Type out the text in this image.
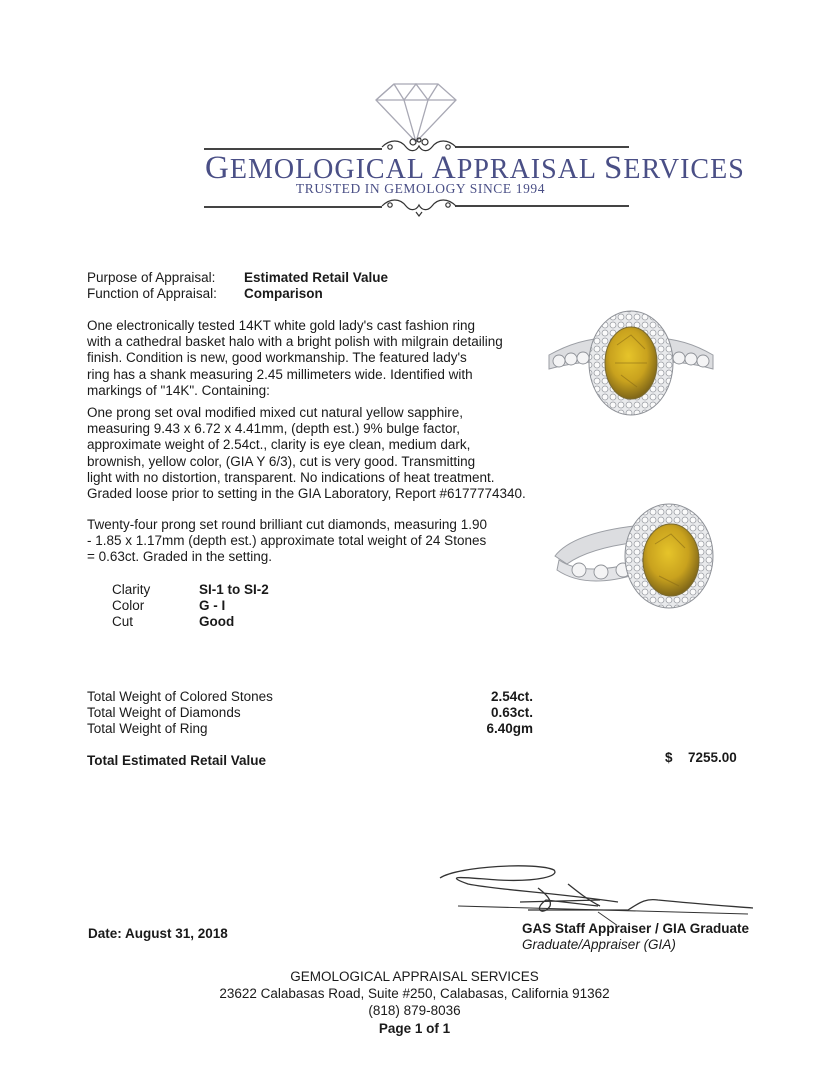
GEMOLOGICAL APPRAISAL SERVICES
TRUSTED IN GEMOLOGY SINCE 1994
Purpose of Appraisal: Estimated Retail Value
Function of Appraisal: Comparison
One electronically tested 14KT white gold lady's cast fashion ring
with a cathedral basket halo with a bright polish with milgrain detailing
finish. Condition is new, good workmanship. The featured lady's
ring has a shank measuring 2.45 millimeters wide. Identified with
markings of "14K". Containing:
One prong set oval modified mixed cut natural yellow sapphire,
measuring 9.43 x 6.72 x 4.41mm, (depth est.) 9% bulge factor,
approximate weight of 2.54ct., clarity is eye clean, medium dark,
brownish, yellow color, (GIA Y 6/3), cut is very good. Transmitting
light with no distortion, transparent. No indications of heat treatment.
Graded loose prior to setting in the GIA Laboratory, Report #6177774340.
Twenty-four prong set round brilliant cut diamonds, measuring 1.90
- 1.85 x 1.17mm (depth est.) approximate total weight of 24 Stones
= 0.63ct. Graded in the setting.
Clarity	SI-1 to SI-2
Color	G - I
Cut	Good
Total Weight of Colored Stones	2.54ct.
Total Weight of Diamonds	0.63ct.
Total Weight of Ring	6.40gm
Total Estimated Retail Value	$ 7255.00
GAS Staff Appraiser / GIA Graduate
Graduate/Appraiser (GIA)
Date: August 31, 2018
GEMOLOGICAL APPRAISAL SERVICES
23622 Calabasas Road, Suite #250, Calabasas, California 91362
(818) 879-8036
Page 1 of 1
